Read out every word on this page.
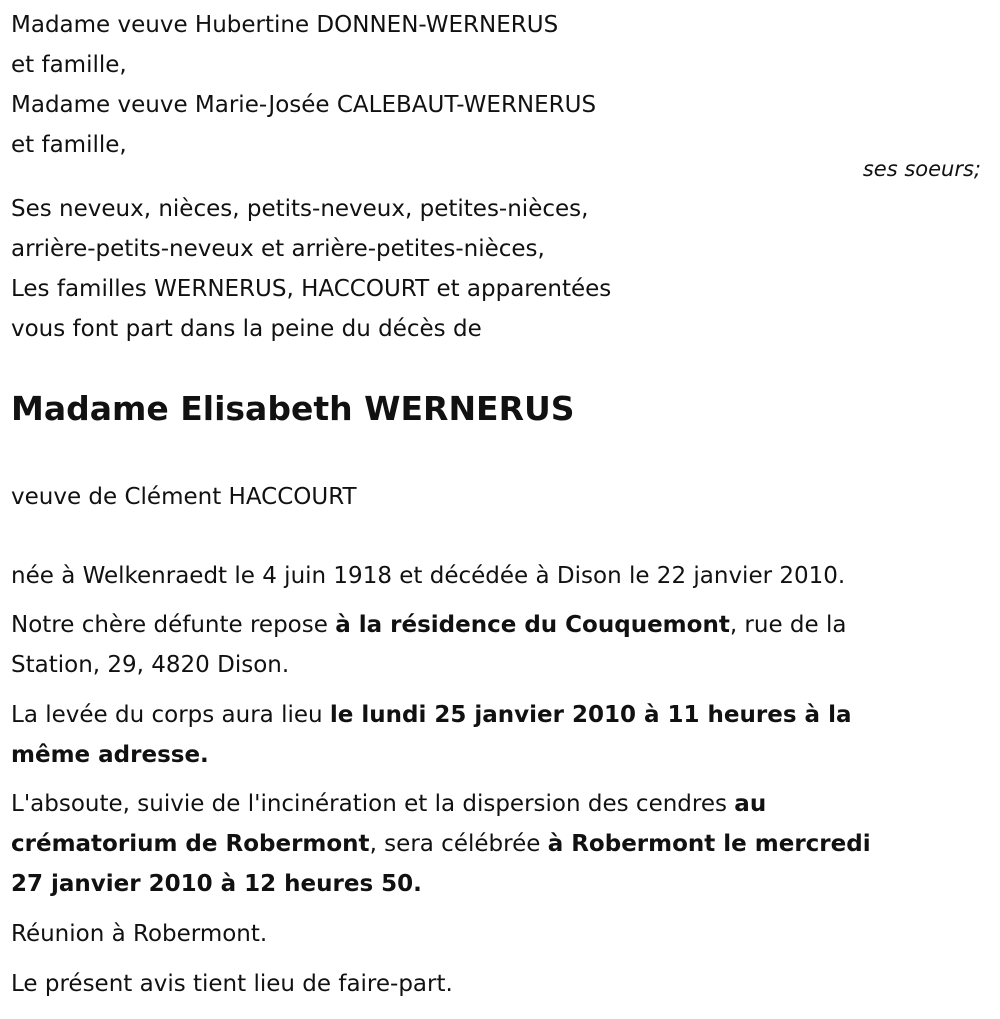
Madame veuve Hubertine DONNEN-WERNERUS
et famille,
Madame veuve Marie-Josée CALEBAUT-WERNERUS
et famille,
ses soeurs;
Ses neveux, nièces, petits-neveux, petites-nièces,
arrière-petits-neveux et arrière-petites-nièces,
Les familles WERNERUS, HACCOURT et apparentées
vous font part dans la peine du décès de
Madame Elisabeth WERNERUS
veuve de Clément HACCOURT
née à Welkenraedt le 4 juin 1918 et décédée à Dison le 22 janvier 2010.
Notre chère défunte repose à la résidence du Couquemont, rue de la
Station, 29, 4820 Dison.
La levée du corps aura lieu le lundi 25 janvier 2010 à 11 heures à la
même adresse.
L'absoute, suivie de l'incinération et la dispersion des cendres au
crématorium de Robermont, sera célébrée à Robermont le mercredi
27 janvier 2010 à 12 heures 50.
Réunion à Robermont.
Le présent avis tient lieu de faire-part.
